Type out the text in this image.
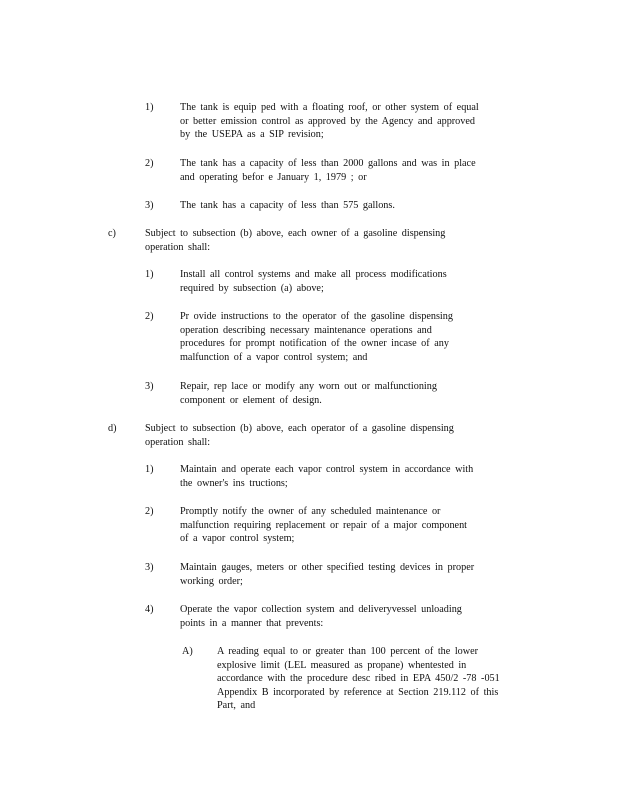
1)	The tank is equip ped with a floating roof, or other system of equal or better emission control as approved by the Agency and approved by the USEPA as a SIP revision;
2)	The tank has a capacity of less than 2000 gallons and was in place and operating befor e January 1, 1979 ; or
3)	The tank has a capacity of less than 575 gallons.
c)	Subject to subsection (b) above, each owner of a gasoline dispensing operation shall:
1)	Install all control systems and make all process modifications required by subsection (a) above;
2)	Pr ovide instructions to the operator of the gasoline dispensing operation describing necessary maintenance operations and procedures for prompt notification of the owner incase of any malfunction of a vapor control system; and
3)	Repair, rep lace or modify any worn out or malfunctioning component or element of design.
d)	Subject to subsection (b) above, each operator of a gasoline dispensing operation shall:
1)	Maintain and operate each vapor control system in accordance with the owner's ins tructions;
2)	Promptly notify the owner of any scheduled maintenance or malfunction requiring replacement or repair of a major component of a vapor control system;
3)	Maintain gauges, meters or other specified testing devices in proper working order;
4)	Operate the vapor collection system and deliveryvessel unloading points in a manner that prevents:
A) A reading equal to or greater than 100 percent of the lower explosive limit (LEL measured as propane) whentested in accordance with the procedure desc ribed in EPA 450/2 -78 -051 Appendix B incorporated by reference at Section 219.112 of this Part, and
